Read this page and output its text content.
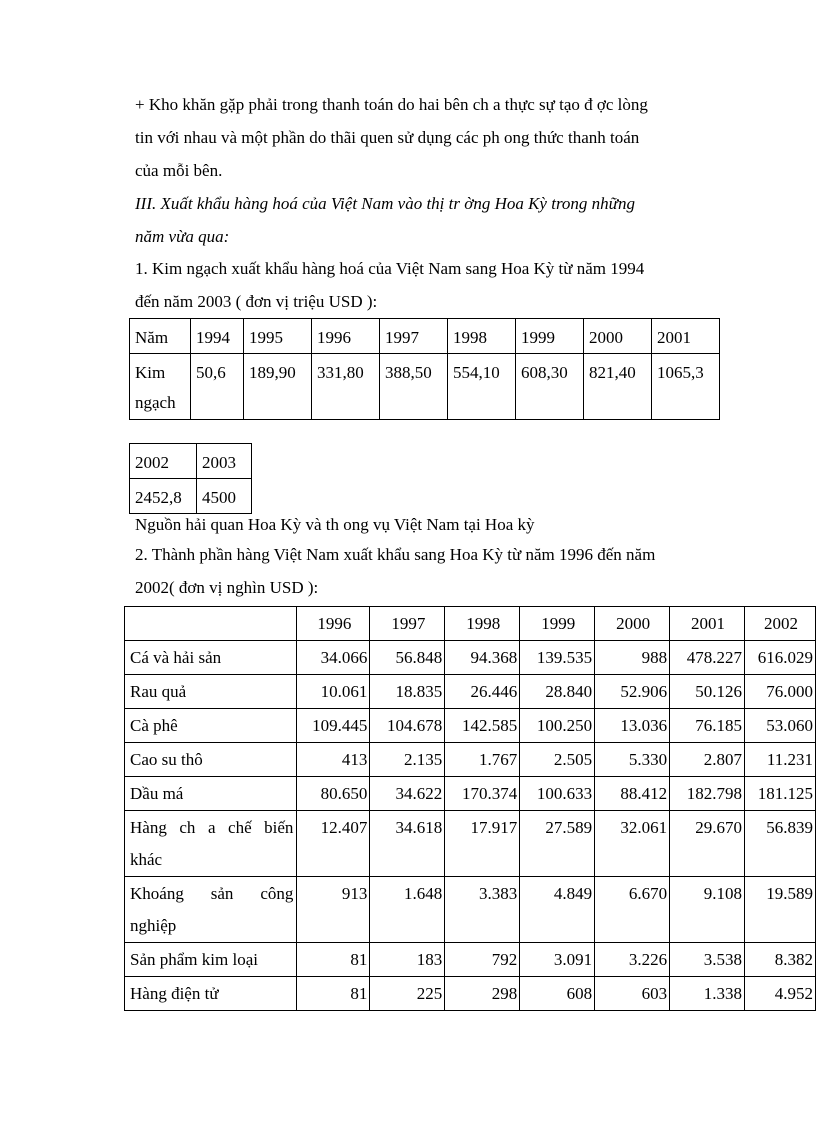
+ Kho khăn gặp phải trong thanh toán do hai bên ch a thực sự tạo đ ợc lòng
tin với nhau và một phần do thãi quen sử dụng các ph ong thức thanh toán
của mỗi bên.

III. Xuất khẩu hàng hoá của Việt Nam vào thị tr ờng Hoa Kỳ trong những
năm vừa qua:

1. Kim ngạch xuất khẩu hàng hoá của Việt Nam sang Hoa Kỳ từ năm 1994
đến năm 2003 ( đơn vị triệu USD ):

Năm	1994	1995	1996	1997	1998	1999	2000	2001
Kim ngạch	50,6	189,90	331,80	388,50	554,10	608,30	821,40	1065,3
2002	2003
2452,8	4500

Nguồn hải quan Hoa Kỳ và th ong vụ Việt Nam tại Hoa kỳ

2. Thành phần hàng Việt Nam xuất khẩu sang Hoa Kỳ từ năm 1996 đến năm
2002( đơn vị nghìn USD ):

	1996	1997	1998	1999	2000	2001	2002
Cá và hải sản	34.066	56.848	94.368	139.535	988	478.227	616.029
Rau quả	10.061	18.835	26.446	28.840	52.906	50.126	76.000
Cà phê	109.445	104.678	142.585	100.250	13.036	76.185	53.060
Cao su thô	413	2.135	1.767	2.505	5.330	2.807	11.231
Dầu má	80.650	34.622	170.374	100.633	88.412	182.798	181.125
Hàng ch a chế biến khác	12.407	34.618	17.917	27.589	32.061	29.670	56.839
Khoáng sản công nghiệp	913	1.648	3.383	4.849	6.670	9.108	19.589
Sản phẩm kim loại	81	183	792	3.091	3.226	3.538	8.382
Hàng điện tử	81	225	298	608	603	1.338	4.952
